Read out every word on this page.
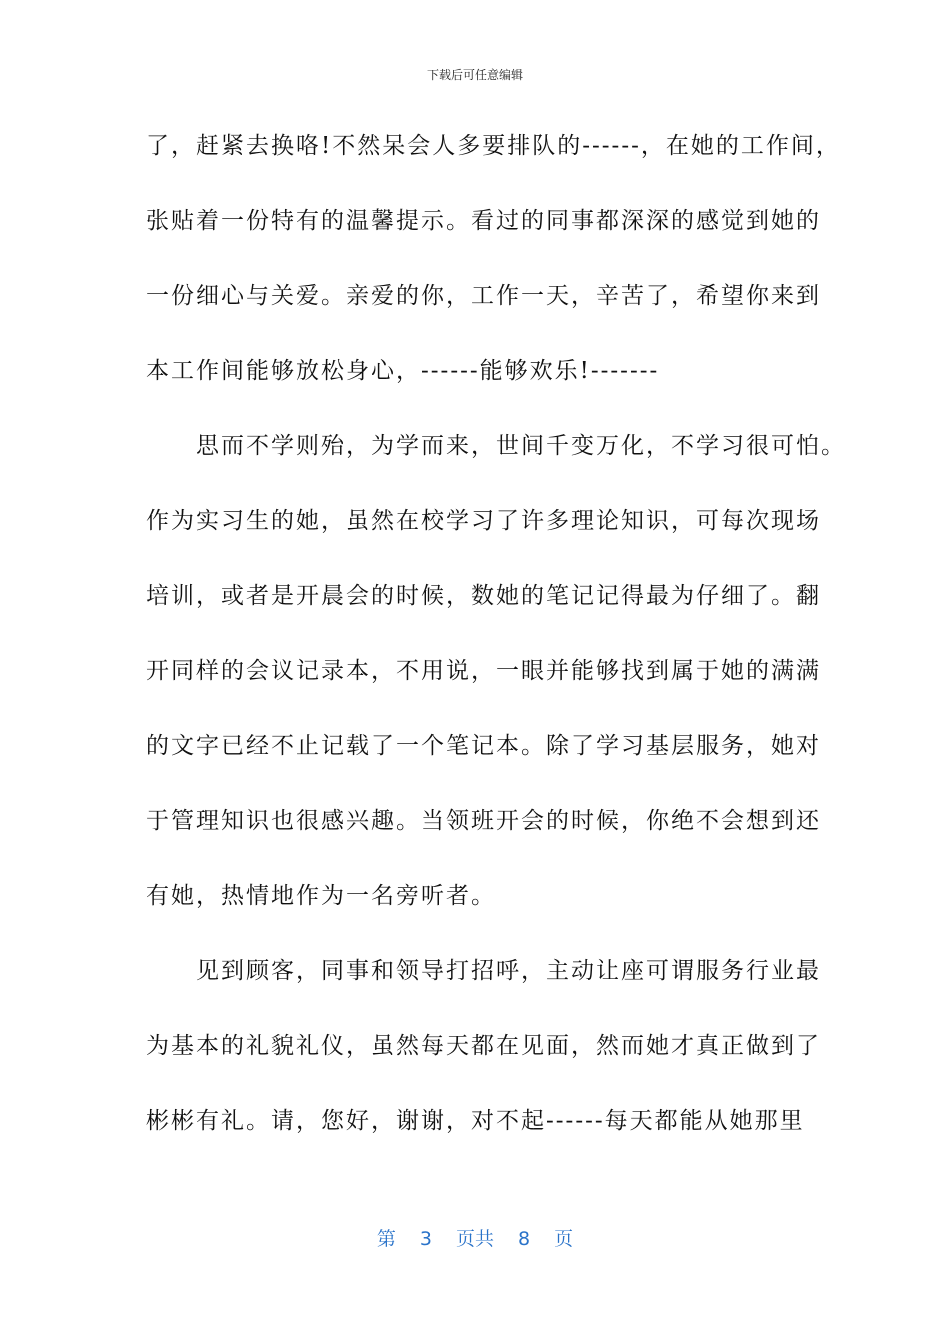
下载后可任意编辑
了，赶紧去换咯!不然呆会人多要排队的------，在她的工作间，
张贴着一份特有的温馨提示。看过的同事都深深的感觉到她的
一份细心与关爱。亲爱的你，工作一天，辛苦了，希望你来到
本工作间能够放松身心，------能够欢乐!-------
　　思而不学则殆，为学而来，世间千变万化，不学习很可怕。
作为实习生的她，虽然在校学习了许多理论知识，可每次现场
培训，或者是开晨会的时候，数她的笔记记得最为仔细了。翻
开同样的会议记录本，不用说，一眼并能够找到属于她的满满
的文字已经不止记载了一个笔记本。除了学习基层服务，她对
于管理知识也很感兴趣。当领班开会的时候，你绝不会想到还
有她，热情地作为一名旁听者。
　　见到顾客，同事和领导打招呼，主动让座可谓服务行业最
为基本的礼貌礼仪，虽然每天都在见面，然而她才真正做到了
彬彬有礼。请，您好，谢谢，对不起------每天都能从她那里
第 3 页共 8 页
